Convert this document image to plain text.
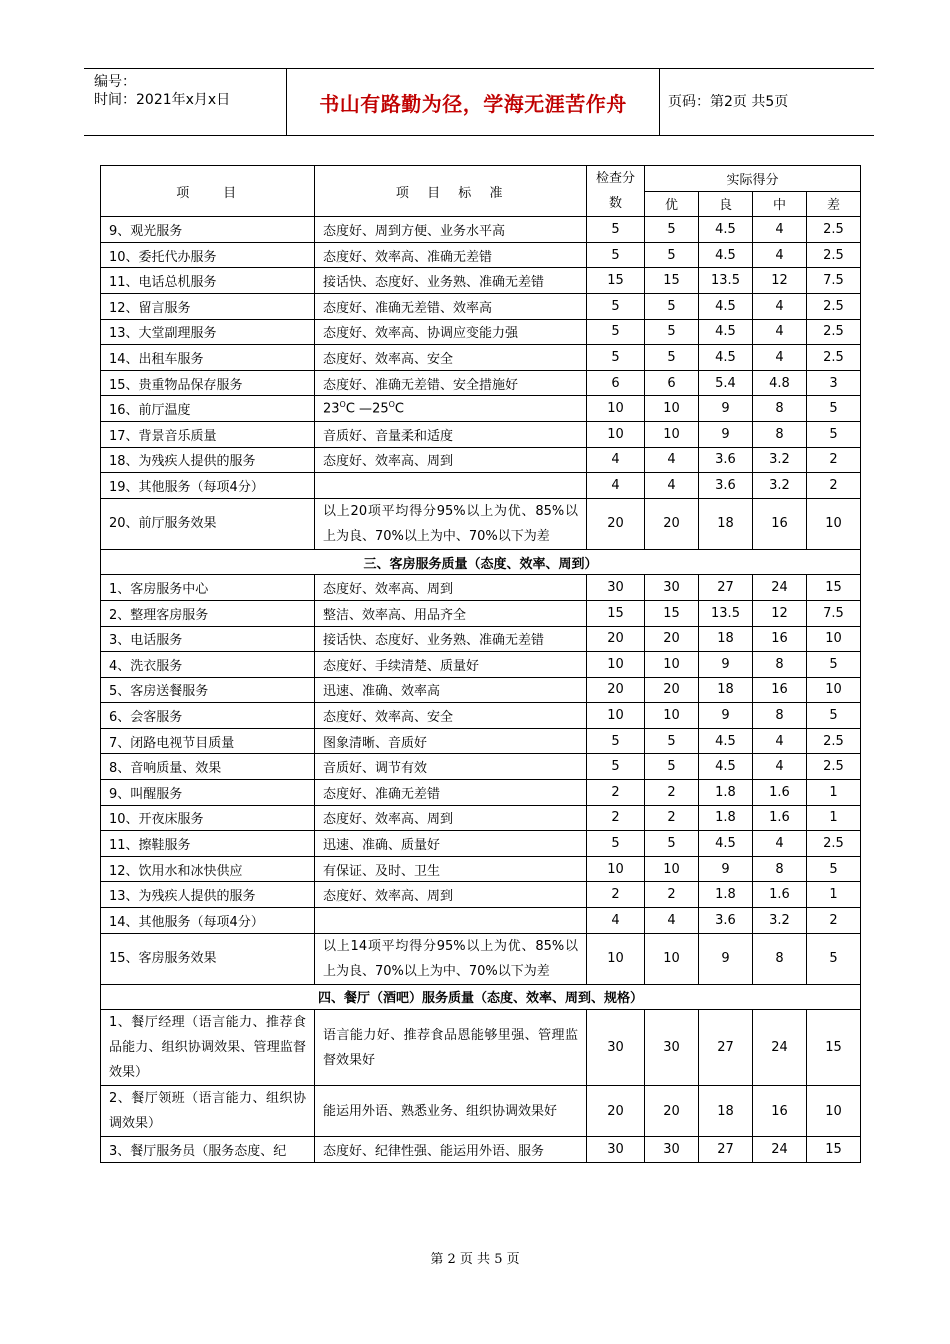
编号：
时间：2021年x月x日	书山有路勤为径，学海无涯苦作舟	页码：第2页 共5页
项　　目	项　目　标　准	检查分数	实际得分			
			优	良	中	差
9、观光服务	态度好、周到方便、业务水平高	5	5	4.5	4	2.5
10、委托代办服务	态度好、效率高、准确无差错	5	5	4.5	4	2.5
11、电话总机服务	接话快、态度好、业务熟、准确无差错	15	15	13.5	12	7.5
12、留言服务	态度好、准确无差错、效率高	5	5	4.5	4	2.5
13、大堂副理服务	态度好、效率高、协调应变能力强	5	5	4.5	4	2.5
14、出租车服务	态度好、效率高、安全	5	5	4.5	4	2.5
15、贵重物品保存服务	态度好、准确无差错、安全措施好	6	6	5.4	4.8	3
16、前厅温度	$23^OC$ $—25^OC$	10	10	9	8	5
17、背景音乐质量	音质好、音量柔和适度	10	10	9	8	5
18、为残疾人提供的服务	态度好、效率高、周到	4	4	3.6	3.2	2
19、其他服务（每项4分）		4	4	3.6	3.2	2
20、前厅服务效果	以上20项平均得分95%以上为优、85%以上为良、70%以上为中、70%以下为差	20	20	18	16	10
三、客房服务质量（态度、效率、周到）						
1、客房服务中心	态度好、效率高、周到	30	30	27	24	15
2、整理客房服务	整洁、效率高、用品齐全	15	15	13.5	12	7.5
3、电话服务	接话快、态度好、业务熟、准确无差错	20	20	18	16	10
4、洗衣服务	态度好、手续清楚、质量好	10	10	9	8	5
5、客房送餐服务	迅速、准确、效率高	20	20	18	16	10
6、会客服务	态度好、效率高、安全	10	10	9	8	5
7、闭路电视节目质量	图象清晰、音质好	5	5	4.5	4	2.5
8、音响质量、效果	音质好、调节有效	5	5	4.5	4	2.5
9、叫醒服务	态度好、准确无差错	2	2	1.8	1.6	1
10、开夜床服务	态度好、效率高、周到	2	2	1.8	1.6	1
11、擦鞋服务	迅速、准确、质量好	5	5	4.5	4	2.5
12、饮用水和冰快供应	有保证、及时、卫生	10	10	9	8	5
13、为残疾人提供的服务	态度好、效率高、周到	2	2	1.8	1.6	1
14、其他服务（每项4分）		4	4	3.6	3.2	2
15、客房服务效果	以上14项平均得分95%以上为优、85%以上为良、70%以上为中、70%以下为差	10	10	9	8	5
四、餐厅（酒吧）服务质量（态度、效率、周到、规格）						
1、餐厅经理（语言能力、推荐食品能力、组织协调效果、管理监督效果）	语言能力好、推荐食品恩能够里强、管理监督效果好	30	30	27	24	15
2、餐厅领班（语言能力、组织协调效果）	能运用外语、熟悉业务、组织协调效果好	20	20	18	16	10
3、餐厅服务员（服务态度、纪	态度好、纪律性强、能运用外语、服务	30	30	27	24	15
第 2 页 共 5 页
